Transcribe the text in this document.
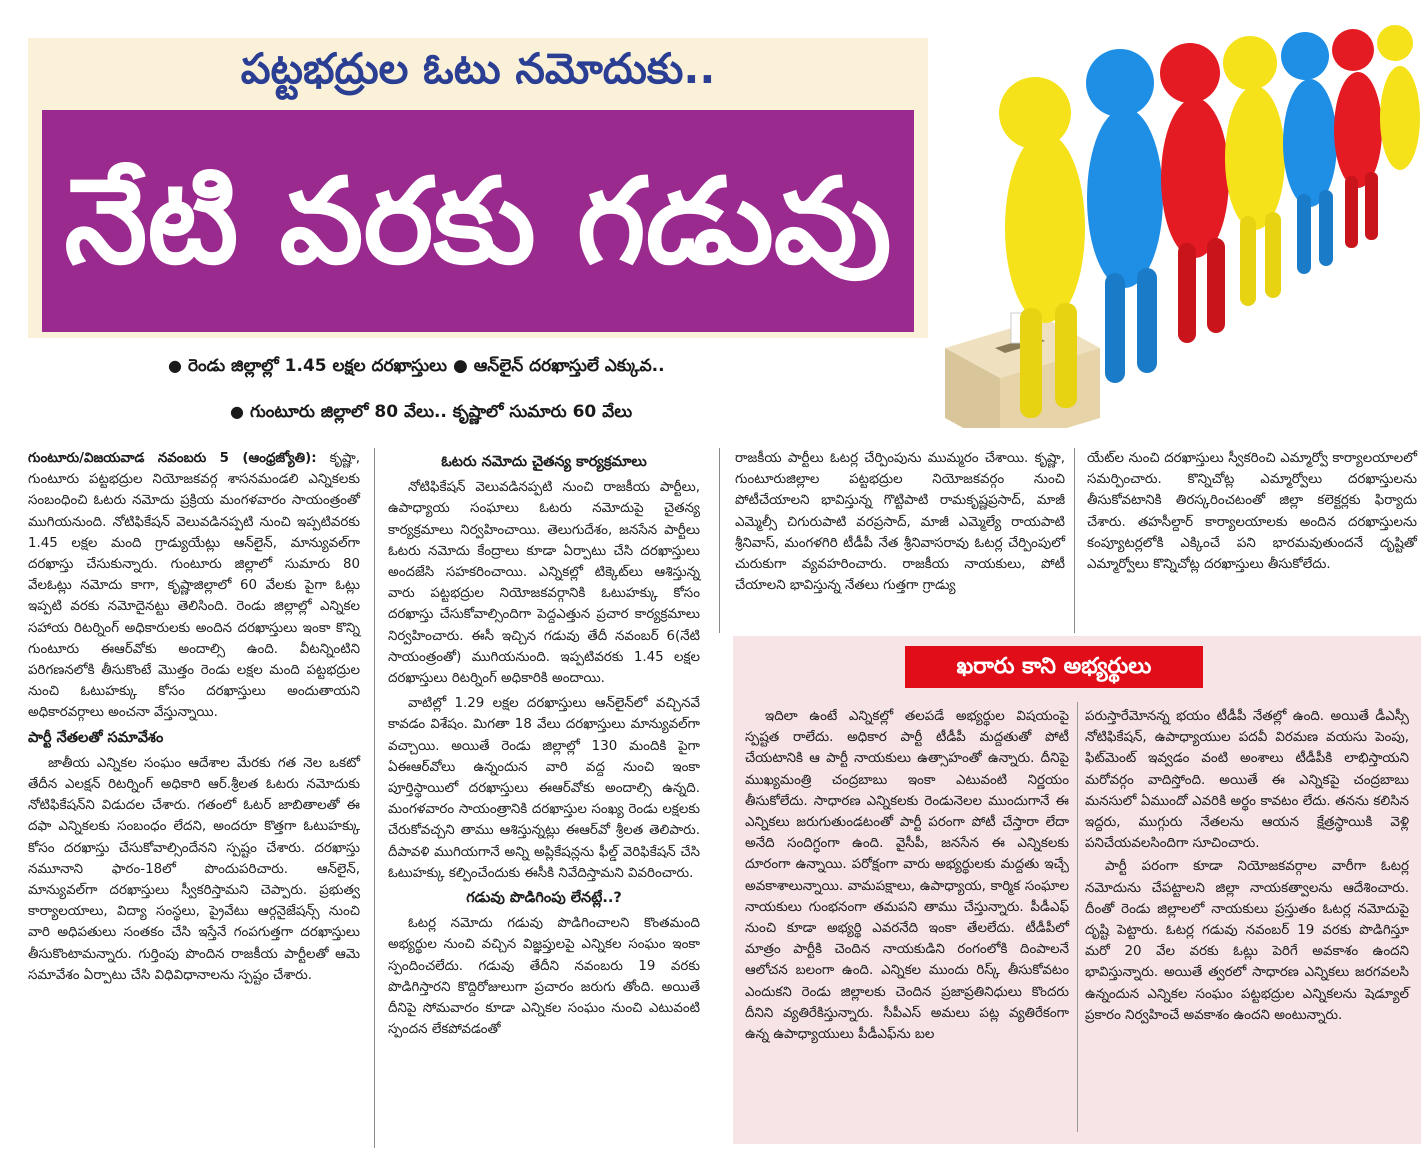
పట్టభద్రుల ఓటు నమోదుకు..
నేటి వరకు గడువు
● రెండు జిల్లాల్లో 1.45 లక్షల దరఖాస్తులు ● ఆన్‌లైన్ దరఖాస్తులే ఎక్కువ..
● గుంటూరు జిల్లాలో 80 వేలు.. కృష్ణాలో సుమారు 60 వేలు

గుంటూరు/విజయవాడ నవంబరు 5 (ఆంధ్రజ్యోతి): కృష్ణా, గుంటూరు పట్టభద్రుల నియోజకవర్గ శాసనమండలి ఎన్నికలకు సంబంధించి ఓటరు నమోదు ప్రక్రియ మంగళవారం సాయంత్రంతో ముగియనుంది. నోటిఫికేషన్ వెలువడినప్పటి నుంచి ఇప్పటివరకు 1.45 లక్షల మంది గ్రాడ్యుయేట్లు ఆన్‌లైన్, మాన్యువల్‌గా దరఖాస్తు చేసుకున్నారు. గుంటూరు జిల్లాలో సుమారు 80 వేలఓట్లు నమోదు కాగా, కృష్ణాజిల్లాలో 60 వేలకు పైగా ఓట్లు ఇప్పటి వరకు నమోదైనట్టు తెలిసింది. రెండు జిల్లాల్లో ఎన్నికల సహాయ రిటర్నింగ్ అధికారులకు అందిన దరఖాస్తులు ఇంకా కొన్ని గుంటూరు ఈఆర్‌వోకు అందాల్సి ఉంది. వీటన్నింటిని పరిగణనలోకి తీసుకొంటే మొత్తం రెండు లక్షల మంది పట్టభద్రుల నుంచి ఓటుహక్కు కోసం దరఖాస్తులు అందుతాయని అధికారవర్గాలు అంచనా వేస్తున్నాయి.

పార్టీ నేతలతో సమావేశం

జాతీయ ఎన్నికల సంఘం ఆదేశాల మేరకు గత నెల ఒకటో తేదీన ఎలక్షన్ రిటర్నింగ్ అధికారి ఆర్.శ్రీలత ఓటరు నమోదుకు నోటిఫికేషన్‌ని విడుదల చేశారు. గతంలో ఓటర్ జాబితాలతో ఈ దఫా ఎన్నికలకు సంబంధం లేదని, అందరూ కొత్తగా ఓటుహక్కు కోసం దరఖాస్తు చేసుకోవాల్సిందేనని స్పష్టం చేశారు. దరఖాస్తు నమూనాని ఫారం-18లో పొందుపరిచారు. ఆన్‌లైన్, మాన్యువల్‌గా దరఖాస్తులు స్వీకరిస్తామని చెప్పారు. ప్రభుత్వ కార్యాలయాలు, విద్యా సంస్థలు, ప్రైవేటు ఆర్గనైజేషన్స్ నుంచి వారి అధిపతులు సంతకం చేసి ఇస్తేనే గంపగుత్తగా దరఖాస్తులు తీసుకొంటామన్నారు. గుర్తింపు పొందిన రాజకీయ పార్టీలతో ఆమె సమావేశం ఏర్పాటు చేసి విధివిధానాలను స్పష్టం చేశారు.

ఓటరు నమోదు చైతన్య కార్యక్రమాలు

నోటిఫికేషన్ వెలువడినప్పటి నుంచి రాజకీయ పార్టీలు, ఉపాధ్యాయ సంఘాలు ఓటరు నమోదుపై చైతన్య కార్యక్రమాలు నిర్వహించాయి. తెలుగుదేశం, జనసేన పార్టీలు ఓటరు నమోదు కేంద్రాలు కూడా ఏర్పాటు చేసి దరఖాస్తులు అందజేసి సహకరించాయి. ఎన్నికల్లో టిక్కెట్‌లు ఆశిస్తున్న వారు పట్టభద్రుల నియోజకవర్గానికి ఓటుహక్కు కోసం దరఖాస్తు చేసుకోవాల్సిందిగా పెద్దఎత్తున ప్రచార కార్యక్రమాలు నిర్వహించారు. ఈసీ ఇచ్చిన గడువు తేదీ నవంబర్ 6(నేటి సాయంత్రంతో) ముగియనుంది. ఇప్పటివరకు 1.45 లక్షల దరఖాస్తులు రిటర్నింగ్ అధికారికి అందాయి.

వాటిల్లో 1.29 లక్షల దరఖాస్తులు ఆన్‌లైన్‌లో వచ్చినవే కావడం విశేషం. మిగతా 18 వేలు దరఖాస్తులు మాన్యువల్‌గా వచ్చాయి. అయితే రెండు జిల్లాల్లో 130 మందికి పైగా ఏఈఆర్‌వోలు ఉన్నందున వారి వద్ద నుంచి ఇంకా పూర్తిస్థాయిలో దరఖాస్తులు ఈఆర్‌వోకు అందాల్సి ఉన్నది. మంగళవారం సాయంత్రానికి దరఖాస్తుల సంఖ్య రెండు లక్షలకు చేరుకోవచ్చని తాము ఆశిస్తున్నట్లు ఈఆర్‌వో శ్రీలత తెలిపారు. దీపావళి ముగియగానే అన్ని అప్లికేషన్లను ఫీల్డ్ వెరిఫికేషన్ చేసి ఓటుహక్కు కల్పించేందుకు ఈసీకి నివేదిస్తామని వివరించారు.

గడువు పొడిగింపు లేనట్లే..?

ఓటర్ల నమోదు గడువు పొడిగించాలని కొంతమంది అభ్యర్థుల నుంచి వచ్చిన విజ్ఞప్తులపై ఎన్నికల సంఘం ఇంకా స్పందించలేదు. గడువు తేదీని నవంబరు 19 వరకు పొడిగిస్తారని కొద్దిరోజులుగా ప్రచారం జరుగు తోంది. అయితే దీనిపై సోమవారం కూడా ఎన్నికల సంఘం నుంచి ఎటువంటి స్పందన లేకపోవడంతో

రాజకీయ పార్టీలు ఓటర్ల చేర్పింపును ముమ్మరం చేశాయి. కృష్ణా, గుంటూరుజిల్లాల పట్టభద్రుల నియోజకవర్గం నుంచి పోటీచేయాలని భావిస్తున్న గొట్టిపాటి రామకృష్ణప్రసాద్, మాజీ ఎమ్మెల్సీ చిగురుపాటి వరప్రసాద్, మాజీ ఎమ్మెల్యే రాయపాటి శ్రీనివాస్, మంగళగిరి టీడీపీ నేత శ్రీనివాసరావు ఓటర్ల చేర్పింపులో చురుకుగా వ్యవహరించారు. రాజకీయ నాయకులు, పోటీ చేయాలని భావిస్తున్న నేతలు గుత్తగా గ్రాడ్యు

యేట్‌ల నుంచి దరఖాస్తులు స్వీకరించి ఎమ్మార్వో కార్యాలయాలలో సమర్పించారు. కొన్నిచోట్ల ఎమ్మార్వోలు దరఖాస్తులను తీసుకోవటానికి తిరస్కరించటంతో జిల్లా కలెక్టర్లకు ఫిర్యాదు చేశారు. తహసీల్దార్ కార్యాలయాలకు అందిన దరఖాస్తులను కంప్యూటర్లలోకి ఎక్కించే పని భారమవుతుందనే దృష్టితో ఎమ్మార్వోలు కొన్నిచోట్ల దరఖాస్తులు తీసుకోలేదు.

ఖరారు కాని అభ్యర్థులు

ఇదిలా ఉంటే ఎన్నికల్లో తలపడే అభ్యర్థుల విషయంపై స్పష్టత రాలేదు. అధికార పార్టీ టీడీపీ మద్దతుతో పోటీ చేయటానికి ఆ పార్టీ నాయకులు ఉత్సాహంతో ఉన్నారు. దీనిపై ముఖ్యమంత్రి చంద్రబాబు ఇంకా ఎటువంటి నిర్ణయం తీసుకోలేదు. సాధారణ ఎన్నికలకు రెండునెలల ముందుగానే ఈ ఎన్నికలు జరుగుతుండటంతో పార్టీ పరంగా పోటీ చేస్తారా లేదా అనేది సందిగ్ధంగా ఉంది. వైసీపీ, జనసేన ఈ ఎన్నికలకు దూరంగా ఉన్నాయి. పరోక్షంగా వారు అభ్యర్థులకు మద్దతు ఇచ్చే అవకాశాలున్నాయి. వామపక్షాలు, ఉపాధ్యాయ, కార్మిక సంఘాల నాయకులు గుంభనంగా తమపని తాము చేస్తున్నారు. పీడీఎఫ్ నుంచి కూడా అభ్యర్థి ఎవరనేది ఇంకా తేలలేదు. టీడీపీలో మాత్రం పార్టీకి చెందిన నాయకుడిని రంగంలోకి దింపాలనే ఆలోచన బలంగా ఉంది. ఎన్నికల ముందు రిస్క్ తీసుకోవటం ఎందుకని రెండు జిల్లాలకు చెందిన ప్రజాప్రతినిధులు కొందరు దీనిని వ్యతిరేకిస్తున్నారు. సీపీఎస్ అమలు పట్ల వ్యతిరేకంగా ఉన్న ఉపాధ్యాయులు పీడీఎఫ్‌ను బల

పరుస్తారేమోనన్న భయం టీడీపీ నేతల్లో ఉంది. అయితే డీఎస్సీ నోటిఫికేషన్, ఉపాధ్యాయుల పదవీ విరమణ వయసు పెంపు, ఫిట్‌మెంట్ ఇవ్వడం వంటి అంశాలు టీడీపీకి లాభిస్తాయని మరోవర్గం వాదిస్తోంది. అయితే ఈ ఎన్నికపై చంద్రబాబు మనసులో ఏముందో ఎవరికి అర్థం కావటం లేదు. తనను కలిసిన ఇద్దరు, ముగ్గురు నేతలను ఆయన క్షేత్రస్థాయికి వెళ్లి పనిచేయవలసిందిగా సూచించారు.

పార్టీ పరంగా కూడా నియోజకవర్గాల వారీగా ఓటర్ల నమోదును చేపట్టాలని జిల్లా నాయకత్వాలను ఆదేశించారు. దీంతో రెండు జిల్లాలలో నాయకులు ప్రస్తుతం ఓటర్ల నమోదుపై దృష్టి పెట్టారు. ఓటర్ల గడువు నవంబర్ 19 వరకు పొడిగిస్తూ మరో 20 వేల వరకు ఓట్లు పెరిగే అవకాశం ఉందని భావిస్తున్నారు. అయితే త్వరలో సాధారణ ఎన్నికలు జరగవలసి ఉన్నందున ఎన్నికల సంఘం పట్టభద్రుల ఎన్నికలను షెడ్యూల్ ప్రకారం నిర్వహించే అవకాశం ఉందని అంటున్నారు.
